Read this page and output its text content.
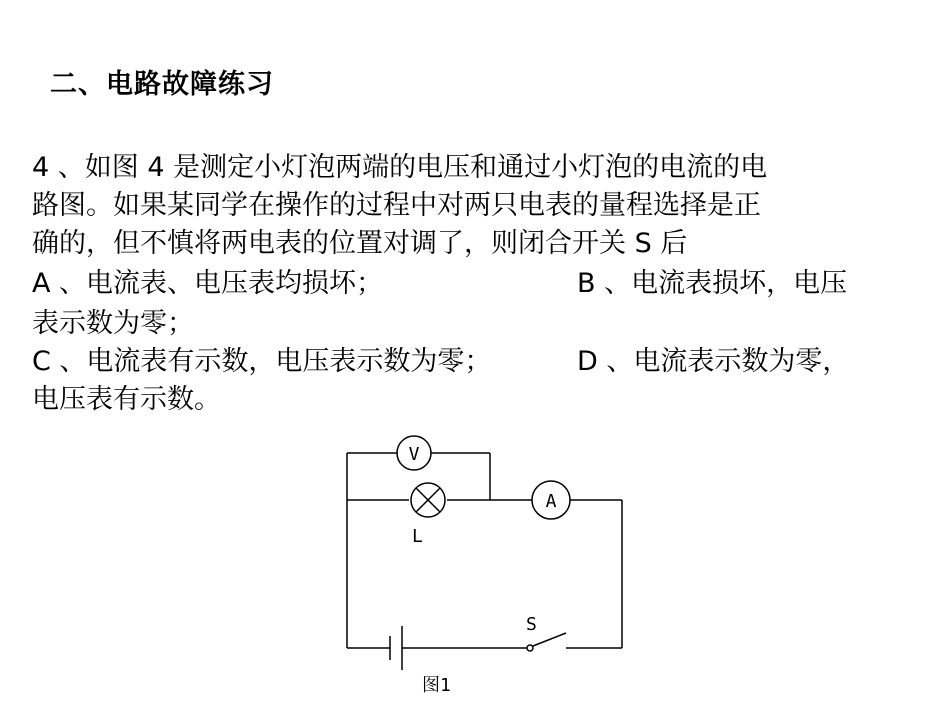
二、电路故障练习
4 、如图 4 是测定小灯泡两端的电压和通过小灯泡的电流的电
路图。如果某同学在操作的过程中对两只电表的量程选择是正
确的，但不慎将两电表的位置对调了，则闭合开关 S 后
A 、电流表、电压表均损坏；	B 、电流表损坏，电压
表示数为零；
C 、电流表有示数，电压表示数为零；	D 、电流表示数为零，
电压表有示数。
V
L
A
S
图1
